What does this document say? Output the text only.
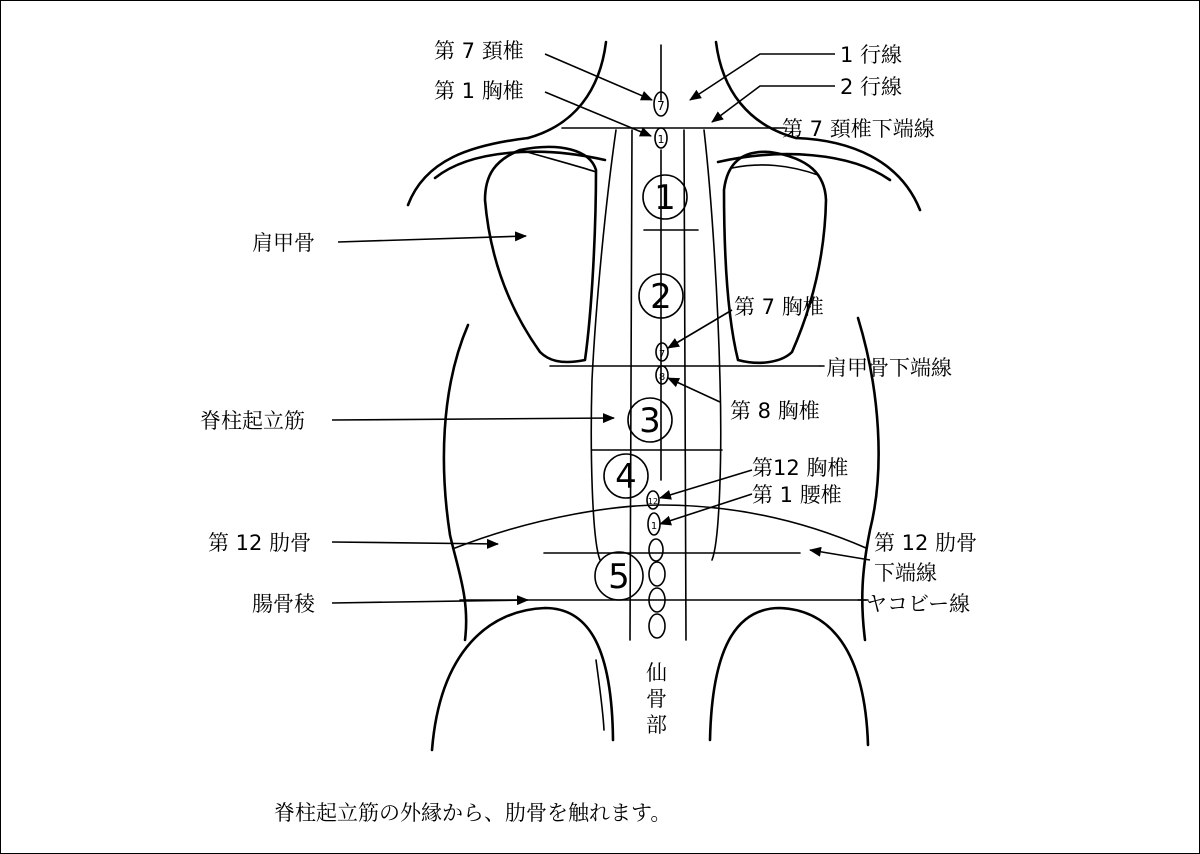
7
1
7
8
12
1
1
2
3
4
5
第 7 頚椎
第 1 胸椎
1 行線
2 行線
第 7 頚椎下端線
肩甲骨
第 7 胸椎
肩甲骨下端線
脊柱起立筋	第 8 胸椎
第12 胸椎
第 1 腰椎
第 12 肋骨	第 12 肋骨
下端線
腸骨稜	ヤコビー線
仙
骨
部
脊柱起立筋の外縁から、肋骨を触れます。
